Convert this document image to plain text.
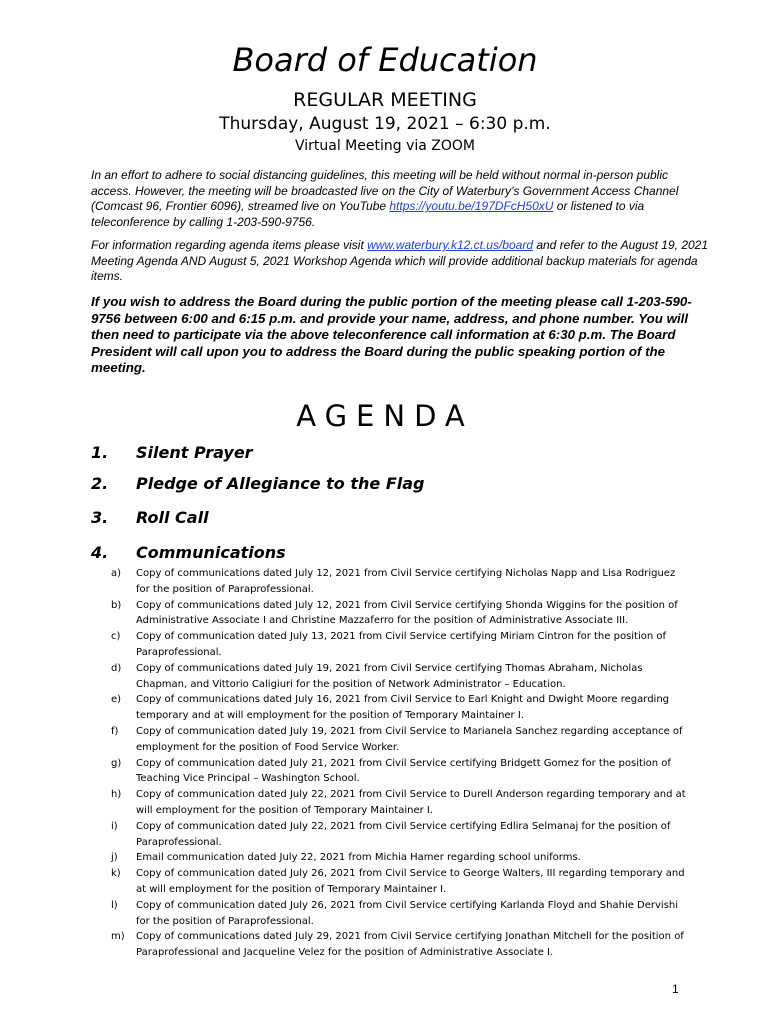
Board of Education
REGULAR MEETING
Thursday, August 19, 2021 – 6:30 p.m.
Virtual Meeting via ZOOM
In an effort to adhere to social distancing guidelines, this meeting will be held without normal in-person public access. However, the meeting will be broadcasted live on the City of Waterbury’s Government Access Channel (Comcast 96, Frontier 6096), streamed live on YouTube https://youtu.be/197DFcH50xU or listened to via teleconference by calling 1-203-590-9756.
For information regarding agenda items please visit www.waterbury.k12.ct.us/board and refer to the August 19, 2021 Meeting Agenda AND August 5, 2021 Workshop Agenda which will provide additional backup materials for agenda items.
If you wish to address the Board during the public portion of the meeting please call 1-203-590-9756 between 6:00 and 6:15 p.m. and provide your name, address, and phone number. You will then need to participate via the above teleconference call information at 6:30 p.m. The Board President will call upon you to address the Board during the public speaking portion of the meeting.
AGENDA
1. Silent Prayer
2. Pledge of Allegiance to the Flag
3. Roll Call
4. Communications
a) Copy of communications dated July 12, 2021 from Civil Service certifying Nicholas Napp and Lisa Rodriguez for the position of Paraprofessional.
b) Copy of communications dated July 12, 2021 from Civil Service certifying Shonda Wiggins for the position of Administrative Associate I and Christine Mazzaferro for the position of Administrative Associate III.
c) Copy of communication dated July 13, 2021 from Civil Service certifying Miriam Cintron for the position of Paraprofessional.
d) Copy of communications dated July 19, 2021 from Civil Service certifying Thomas Abraham, Nicholas Chapman, and Vittorio Caligiuri for the position of Network Administrator – Education.
e) Copy of communications dated July 16, 2021 from Civil Service to Earl Knight and Dwight Moore regarding temporary and at will employment for the position of Temporary Maintainer I.
f) Copy of communication dated July 19, 2021 from Civil Service to Marianela Sanchez regarding acceptance of employment for the position of Food Service Worker.
g) Copy of communication dated July 21, 2021 from Civil Service certifying Bridgett Gomez for the position of Teaching Vice Principal – Washington School.
h) Copy of communication dated July 22, 2021 from Civil Service to Durell Anderson regarding temporary and at will employment for the position of Temporary Maintainer I.
i) Copy of communication dated July 22, 2021 from Civil Service certifying Edlira Selmanaj for the position of Paraprofessional.
j) Email communication dated July 22, 2021 from Michia Hamer regarding school uniforms.
k) Copy of communication dated July 26, 2021 from Civil Service to George Walters, III regarding temporary and at will employment for the position of Temporary Maintainer I.
l) Copy of communication dated July 26, 2021 from Civil Service certifying Karlanda Floyd and Shahie Dervishi for the position of Paraprofessional.
m) Copy of communications dated July 29, 2021 from Civil Service certifying Jonathan Mitchell for the position of Paraprofessional and Jacqueline Velez for the position of Administrative Associate I.
1
